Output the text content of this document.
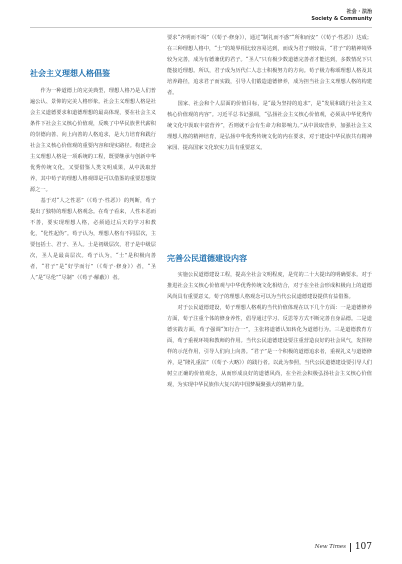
社会 · 法治
Society & Community
社会主义理想人格倡鉴

作为一种道德上的完美典型，理想人格乃是人们普遍公认、景仰的完美人格形象。社会主义理想人格是社会主义道德要求和道德理想的最高体现，要在社会主义条件下社会主义核心价值观，反映了中华民族世代薪积的崇德向善、向上向善的人格追求，是大力培育和践行社会主义核心价值观的重要内容和现实路径。构建社会主义理想人格是一项系统的工程，既要继承与创新中华优秀传统文化，又要借鉴人类文明成果，从中汲取营养，其中荀子的理想人格观即是可以借鉴的重要思想资源之一。

基于对“人之性恶”（《荀子·性恶》）的判断，荀子提出了独特的理想人格观念。在荀子看来，人性本恶而不善，要实现理想人格，必须通过后天的学习和教化，“化性起伪”。荀子认为，理想人格有不同层次，主要包括士、君子、圣人。士是初级层次，君子是中级层次，圣人是最高层次。荀子认为，“士”是积极向善者，“君子”是“好学而行”（《荀子·修身》）者，“圣人”是“尽伦”“尽制”（《荀子·解蔽》）者。

要求“齐明而不竭”（《荀子·修身》），通过“制礼而不惑”“所和而安”（《荀子·性恶》）达成；在三种理想人格中，“士”的境界相比较容易达到，而成为君子则较高，“君子”的精神境界较为完善，成为有德兼优的君子。“圣人”只有极少数道德完善者才能达到，多数情况下只能接近理想。所以，君子成为历代仁人志士积极努力的方向。荀子极力称颂理想人格及其培养路径，追求君子而实践，引导人们锻造道德修养，成为担当社会主义理想人格的构建者。

国家、社会和个人层面的价值目标，是“最为坚持的追求”，是“发展和践行社会主义核心价值观的内容”。习近平总书记强调，“弘扬社会主义核心价值观，必须从中华优秀传统文化中汲取丰富营养”，否则就不会有生命力和影响力。”从中汲取营养，加强社会主义理想人格的精神培育，是弘扬中华优秀传统文化的内在要求，对于建设中华民族共有精神家园、提高国家文化软实力具有重要意义。

完善公民道德建设内容

实施公民道德建设工程，提高全社会文明程度，是党的二十大提出的明确要求。对于推进社会主义核心价值观与中华优秀传统文化相结合，对于在全社会形成积极向上的道德风尚具有重要意义。荀子的理想人格观念可以为当代公民道德建设提供有益借鉴。

对于公民道德建设，荀子理想人格观的当代价值体现在以下几个方面：一是道德修养方面，荀子注重个体的修身养性，倡导通过学习、反思等方式不断完善自身品德。二是道德实践方面，荀子强调“知行合一”，主张将道德认知转化为道德行为。三是道德教育方面，荀子重视环境和教师的作用。当代公民道德建设要注重营造良好的社会风气，发挥榜样的示范作用，引导人们向上向善。“君子”是一个积极的道德追求者，重视礼义与道德修养，是“隆礼重法”（《荀子·大略》）的践行者。以此为参照，当代公民道德建设要引导人们树立正确的价值观念，从而形成良好的道德风尚，在全社会积极弘扬社会主义核心价值观，为实现中华民族伟大复兴的中国梦凝聚强大的精神力量。

New Times 107
